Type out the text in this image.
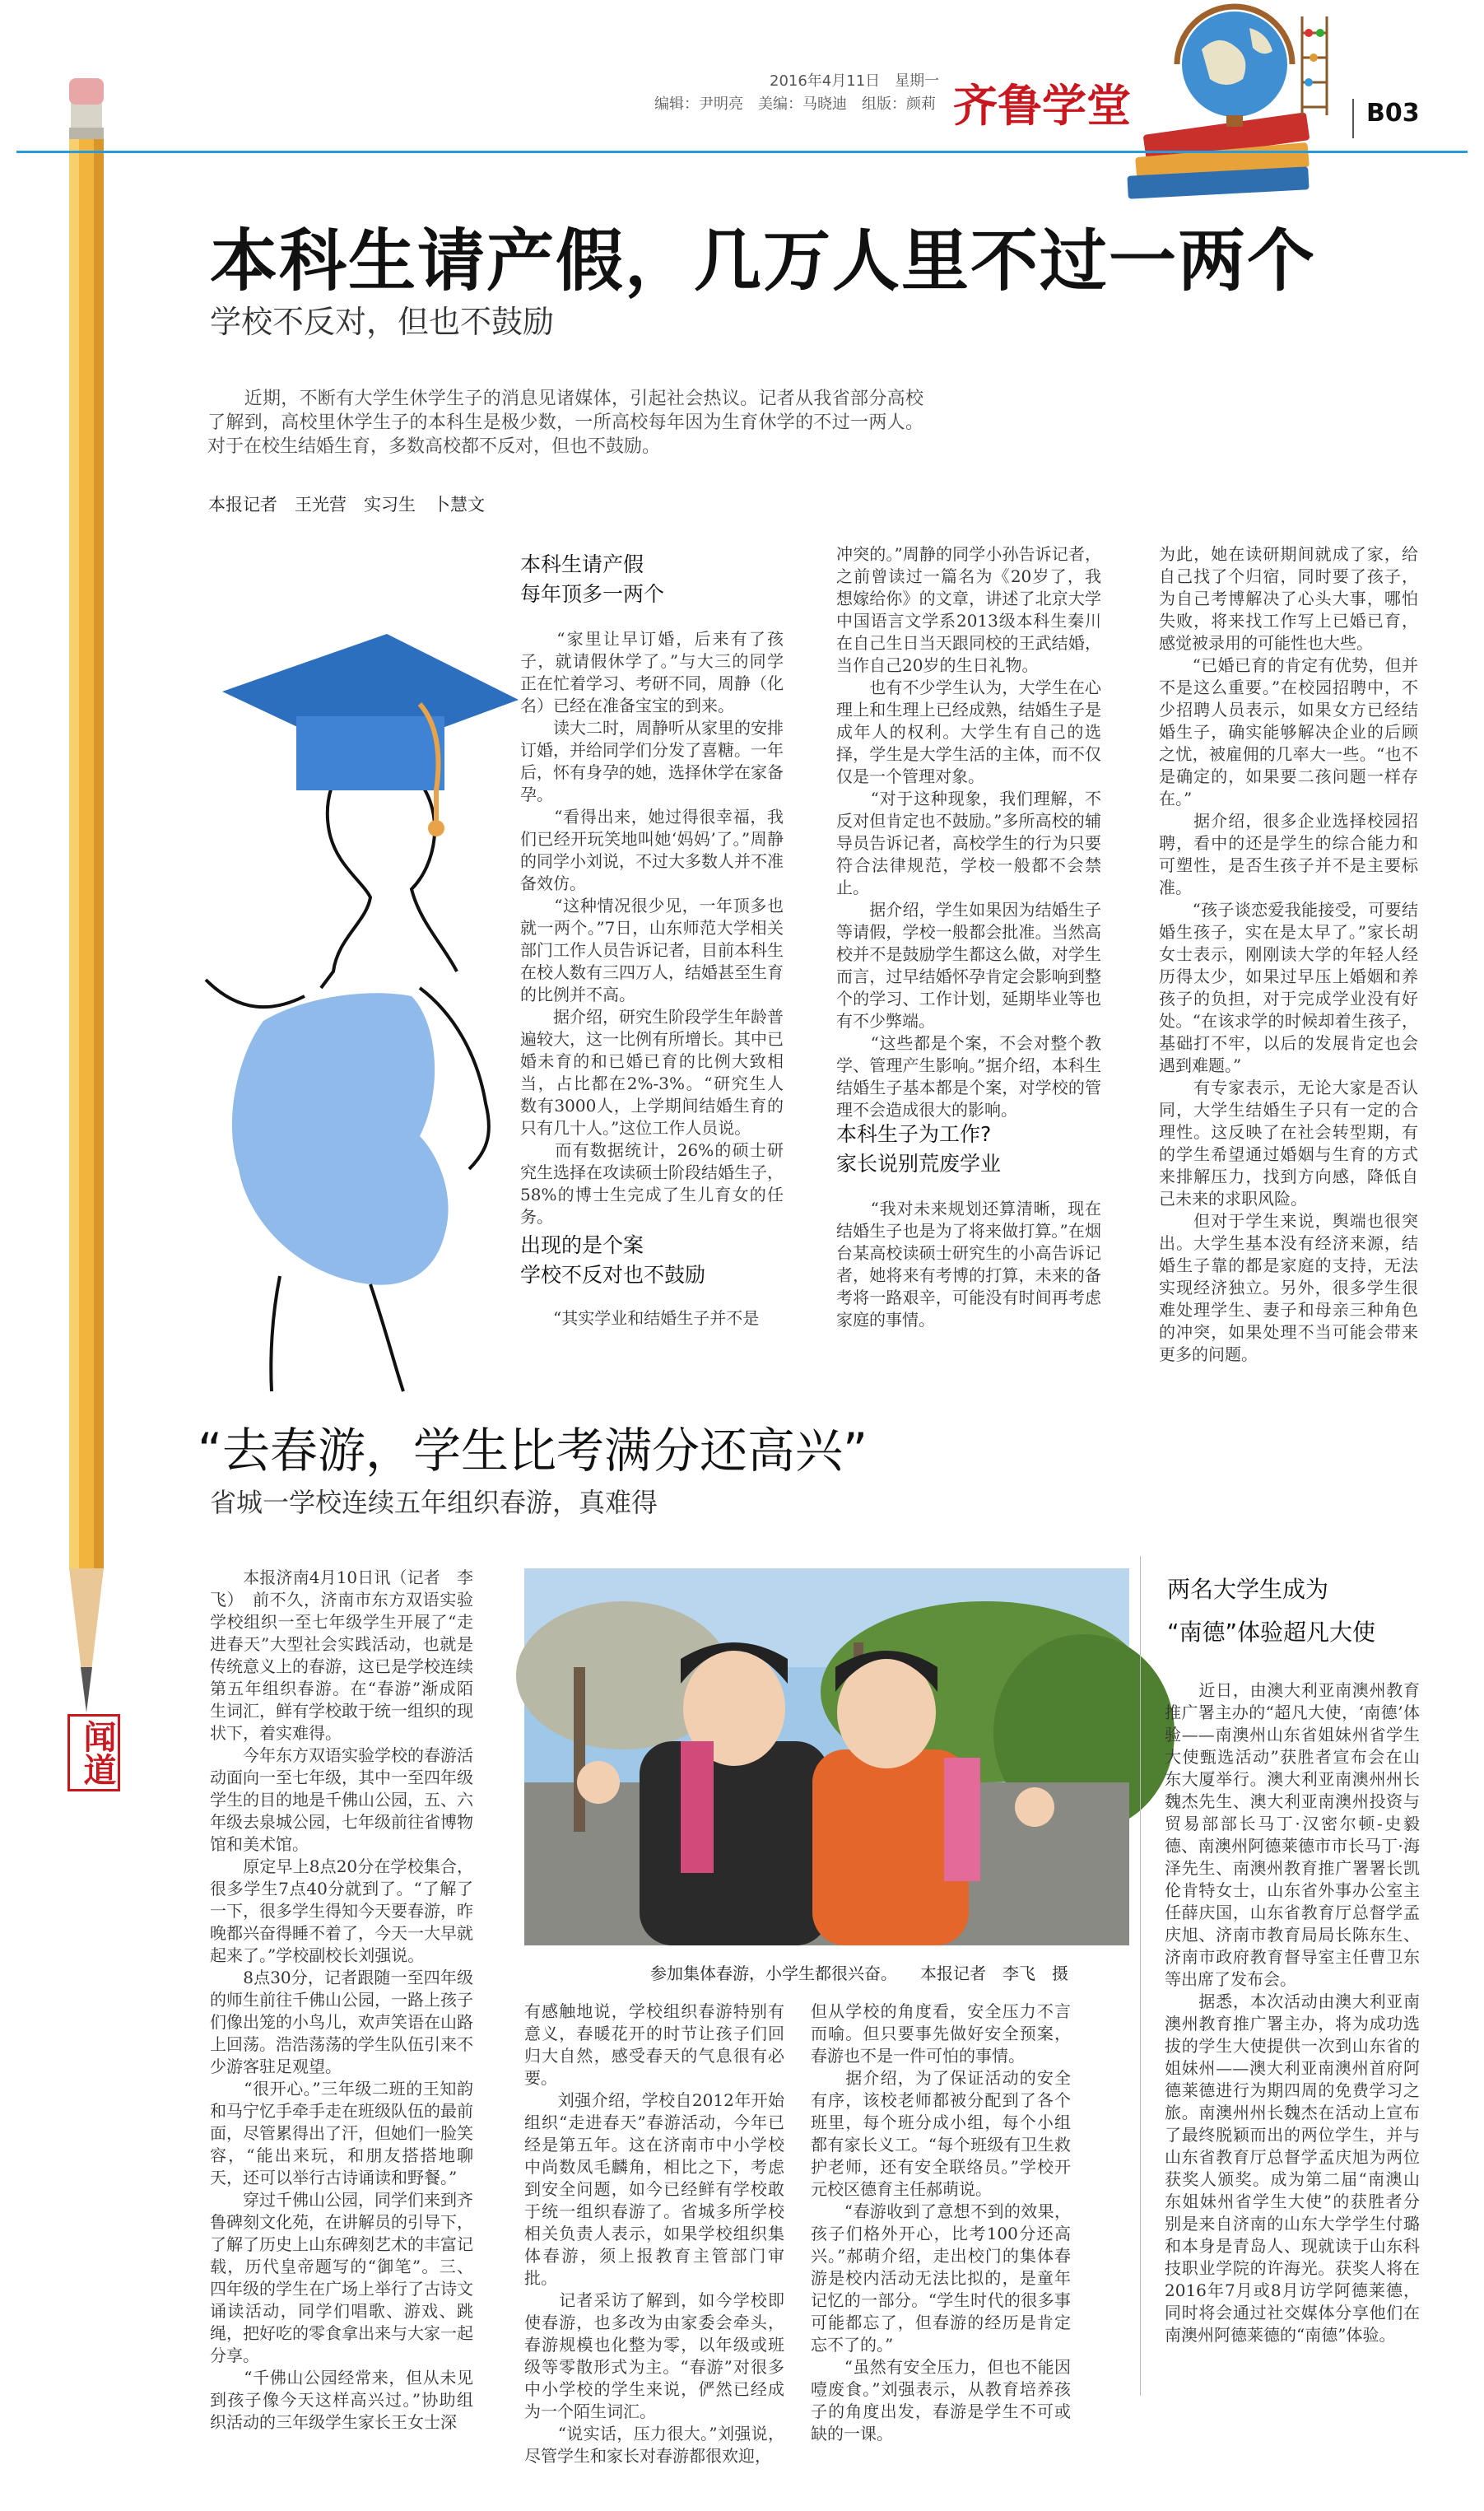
2016年4月11日　星期一
编辑：尹明亮　美编：马晓迪　组版：颜莉 齐鲁学堂	B03
本科生请产假，几万人里不过一两个
学校不反对，但也不鼓励
　　近期，不断有大学生休学生子的消息见诸媒体，引起社会热议。记者从我省部分高校了解到，高校里休学生子的本科生是极少数，一所高校每年因为生育休学的不过一两人。对于在校生结婚生育，多数高校都不反对，但也不鼓励。
本报记者　王光营　实习生　卜慧文
本科生请产假
每年顶多一两个
　　“家里让早订婚，后来有了孩子，就请假休学了。”与大三的同学正在忙着学习、考研不同，周静（化名）已经在准备宝宝的到来。
　　读大二时，周静听从家里的安排订婚，并给同学们分发了喜糖。一年后，怀有身孕的她，选择休学在家备孕。
　　“看得出来，她过得很幸福，我们已经开玩笑地叫她‘妈妈’了。”周静的同学小刘说，不过大多数人并不准备效仿。
　　“这种情况很少见，一年顶多也就一两个。”7日，山东师范大学相关部门工作人员告诉记者，目前本科生在校人数有三四万人，结婚甚至生育的比例并不高。
　　据介绍，研究生阶段学生年龄普遍较大，这一比例有所增长。其中已婚未育的和已婚已育的比例大致相当，占比都在2%-3%。“研究生人数有3000人，上学期间结婚生育的只有几十人。”这位工作人员说。
　　而有数据统计，26%的硕士研究生选择在攻读硕士阶段结婚生子，58%的博士生完成了生儿育女的任务。
出现的是个案
学校不反对也不鼓励
　　“其实学业和结婚生子并不是
冲突的。”周静的同学小孙告诉记者，之前曾读过一篇名为《20岁了，我想嫁给你》的文章，讲述了北京大学中国语言文学系2013级本科生秦川在自己生日当天跟同校的王武结婚，当作自己20岁的生日礼物。
　　也有不少学生认为，大学生在心理上和生理上已经成熟，结婚生子是成年人的权利。大学生有自己的选择，学生是大学生活的主体，而不仅仅是一个管理对象。
　　“对于这种现象，我们理解，不反对但肯定也不鼓励。”多所高校的辅导员告诉记者，高校学生的行为只要符合法律规范，学校一般都不会禁止。
　　据介绍，学生如果因为结婚生子等请假，学校一般都会批准。当然高校并不是鼓励学生都这么做，对学生而言，过早结婚怀孕肯定会影响到整个的学习、工作计划，延期毕业等也有不少弊端。
　　“这些都是个案，不会对整个教学、管理产生影响。”据介绍，本科生结婚生子基本都是个案，对学校的管理不会造成很大的影响。
本科生子为工作?
家长说别荒废学业
　　“我对未来规划还算清晰，现在结婚生子也是为了将来做打算。”在烟台某高校读硕士研究生的小高告诉记者，她将来有考博的打算，未来的备考将一路艰辛，可能没有时间再考虑家庭的事情。
为此，她在读研期间就成了家，给自己找了个归宿，同时要了孩子，为自己考博解决了心头大事，哪怕失败，将来找工作写上已婚已育，感觉被录用的可能性也大些。
　　“已婚已育的肯定有优势，但并不是这么重要。”在校园招聘中，不少招聘人员表示，如果女方已经结婚生子，确实能够解决企业的后顾之忧，被雇佣的几率大一些。“也不是确定的，如果要二孩问题一样存在。”
　　据介绍，很多企业选择校园招聘，看中的还是学生的综合能力和可塑性，是否生孩子并不是主要标准。
　　“孩子谈恋爱我能接受，可要结婚生孩子，实在是太早了。”家长胡女士表示，刚刚读大学的年轻人经历得太少，如果过早压上婚姻和养孩子的负担，对于完成学业没有好处。“在该求学的时候却着生孩子，基础打不牢，以后的发展肯定也会遇到难题。”
　　有专家表示，无论大家是否认同，大学生结婚生子只有一定的合理性。这反映了在社会转型期，有的学生希望通过婚姻与生育的方式来排解压力，找到方向感，降低自己未来的求职风险。
　　但对于学生来说，舆端也很突出。大学生基本没有经济来源，结婚生子靠的都是家庭的支持，无法实现经济独立。另外，很多学生很难处理学生、妻子和母亲三种角色的冲突，如果处理不当可能会带来更多的问题。
“去春游，学生比考满分还高兴”
省城一学校连续五年组织春游，真难得
　　本报济南4月10日讯（记者　李飞）　前不久，济南市东方双语实验学校组织一至七年级学生开展了“走进春天”大型社会实践活动，也就是传统意义上的春游，这已是学校连续第五年组织春游。在“春游”渐成陌生词汇，鲜有学校敢于统一组织的现状下，着实难得。
　　今年东方双语实验学校的春游活动面向一至七年级，其中一至四年级学生的目的地是千佛山公园，五、六年级去泉城公园，七年级前往省博物馆和美术馆。
　　原定早上8点20分在学校集合，很多学生7点40分就到了。“了解了一下，很多学生得知今天要春游，昨晚都兴奋得睡不着了，今天一大早就起来了。”学校副校长刘强说。
　　8点30分，记者跟随一至四年级的师生前往千佛山公园，一路上孩子们像出笼的小鸟儿，欢声笑语在山路上回荡。浩浩荡荡的学生队伍引来不少游客驻足观望。
　　“很开心。”三年级二班的王知韵和马宁忆手牵手走在班级队伍的最前面，尽管累得出了汗，但她们一脸笑容，“能出来玩，和朋友搭搭地聊天，还可以举行古诗诵读和野餐。”
　　穿过千佛山公园，同学们来到齐鲁碑刻文化苑，在讲解员的引导下，了解了历史上山东碑刻艺术的丰富记载，历代皇帝题写的“御笔”。三、四年级的学生在广场上举行了古诗文诵读活动，同学们唱歌、游戏、跳绳，把好吃的零食拿出来与大家一起分享。
　　“千佛山公园经常来，但从未见到孩子像今天这样高兴过。”协助组织活动的三年级学生家长王女士深
参加集体春游，小学生都很兴奋。 本报记者　李飞　摄
有感触地说，学校组织春游特别有意义，春暖花开的时节让孩子们回归大自然，感受春天的气息很有必要。
　　刘强介绍，学校自2012年开始组织“走进春天”春游活动，今年已经是第五年。这在济南市中小学校中尚数凤毛麟角，相比之下，考虑到安全问题，如今已经鲜有学校敢于统一组织春游了。省城多所学校相关负责人表示，如果学校组织集体春游，须上报教育主管部门审批。
　　记者采访了解到，如今学校即使春游，也多改为由家委会牵头，春游规模也化整为零，以年级或班级等零散形式为主。“春游”对很多中小学校的学生来说，俨然已经成为一个陌生词汇。
　　“说实话，压力很大。”刘强说，尽管学生和家长对春游都很欢迎，
但从学校的角度看，安全压力不言而喻。但只要事先做好安全预案，春游也不是一件可怕的事情。
　　据介绍，为了保证活动的安全有序，该校老师都被分配到了各个班里，每个班分成小组，每个小组都有家长义工。“每个班级有卫生救护老师，还有安全联络员。”学校开元校区德育主任郝萌说。
　　“春游收到了意想不到的效果，孩子们格外开心，比考100分还高兴。”郝萌介绍，走出校门的集体春游是校内活动无法比拟的，是童年记忆的一部分。“学生时代的很多事可能都忘了，但春游的经历是肯定忘不了的。”
　　“虽然有安全压力，但也不能因噎废食。”刘强表示，从教育培养孩子的角度出发，春游是学生不可或缺的一课。
两名大学生成为
“南德”体验超凡大使
　　近日，由澳大利亚南澳州教育推广署主办的“超凡大使，‘南德’体验——南澳州山东省姐妹州省学生大使甄选活动”获胜者宣布会在山东大厦举行。澳大利亚南澳州州长魏杰先生、澳大利亚南澳州投资与贸易部部长马丁·汉密尔顿-史毅德、南澳州阿德莱德市市长马丁·海泽先生、南澳州教育推广署署长凯伦肯特女士，山东省外事办公室主任薛庆国，山东省教育厅总督学孟庆旭、济南市教育局局长陈东生、济南市政府教育督导室主任曹卫东等出席了发布会。
　　据悉，本次活动由澳大利亚南澳州教育推广署主办，将为成功选拔的学生大使提供一次到山东省的姐妹州——澳大利亚南澳州首府阿德莱德进行为期四周的免费学习之旅。南澳州州长魏杰在活动上宣布了最终脱颖而出的两位学生，并与山东省教育厅总督学孟庆旭为两位获奖人颁奖。成为第二届“南澳山东姐妹州省学生大使”的获胜者分别是来自济南的山东大学学生付璐和本身是青岛人、现就读于山东科技职业学院的许海光。获奖人将在2016年7月或8月访学阿德莱德，同时将会通过社交媒体分享他们在南澳州阿德莱德的“南德”体验。
闻道
